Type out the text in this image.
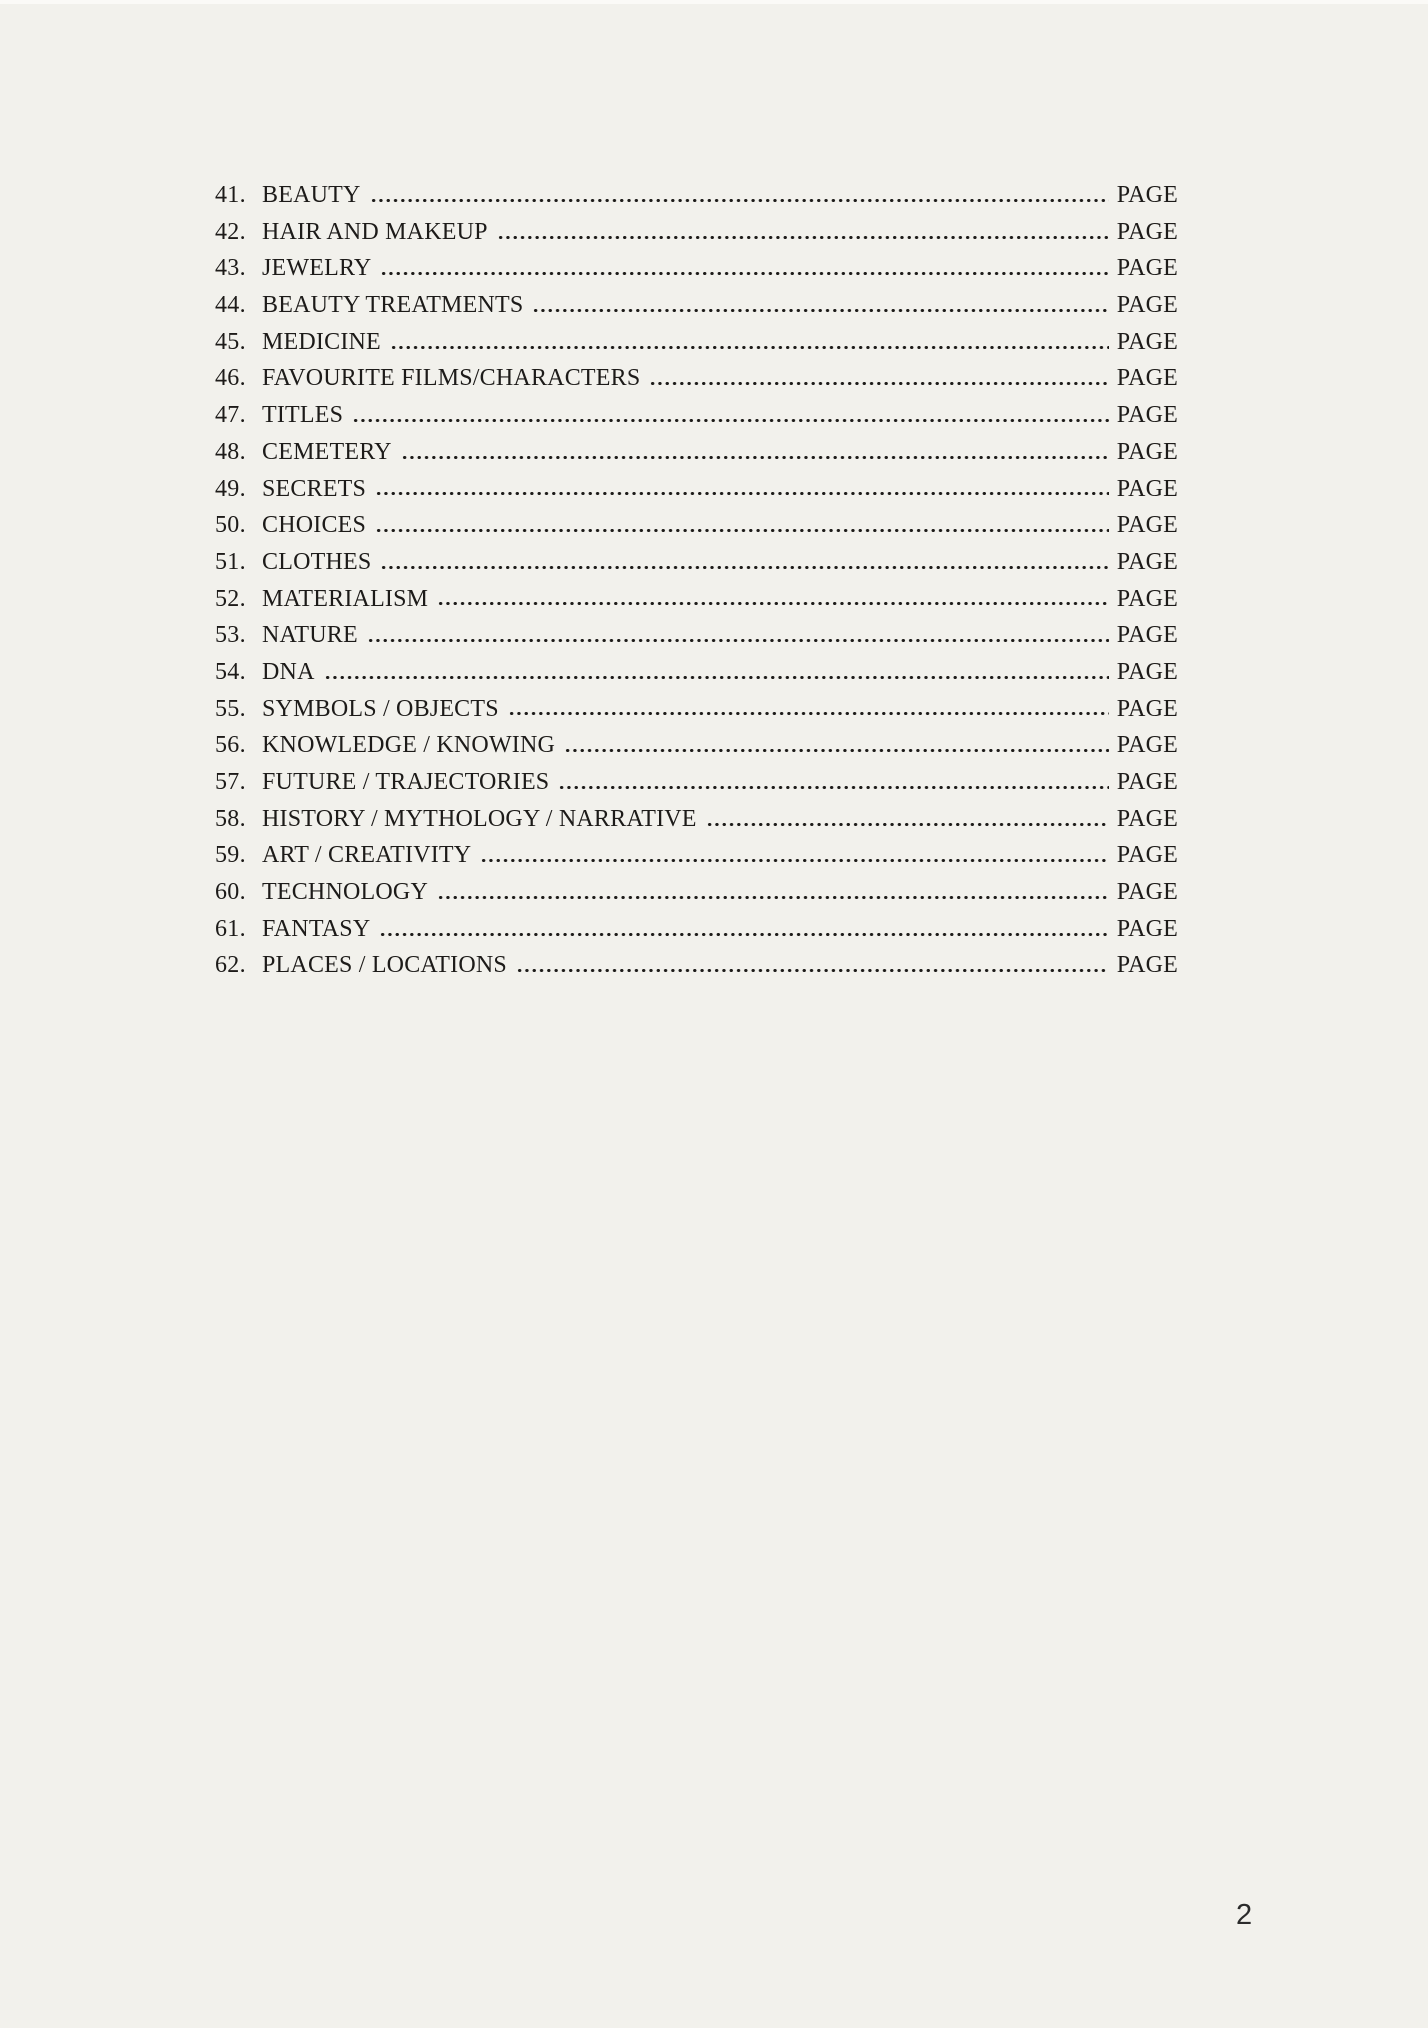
41. BEAUTY	PAGE
42. HAIR AND MAKEUP	PAGE
43. JEWELRY	PAGE
44. BEAUTY TREATMENTS	PAGE
45. MEDICINE	PAGE
46. FAVOURITE FILMS/CHARACTERS	PAGE
47. TITLES	PAGE
48. CEMETERY	PAGE
49. SECRETS	PAGE
50. CHOICES	PAGE
51. CLOTHES	PAGE
52. MATERIALISM	PAGE
53. NATURE	PAGE
54. DNA	PAGE
55. SYMBOLS / OBJECTS	PAGE
56. KNOWLEDGE / KNOWING	PAGE
57. FUTURE / TRAJECTORIES	PAGE
58. HISTORY / MYTHOLOGY / NARRATIVE	PAGE
59. ART / CREATIVITY	PAGE
60. TECHNOLOGY	PAGE
61. FANTASY	PAGE
62. PLACES / LOCATIONS	PAGE
2
